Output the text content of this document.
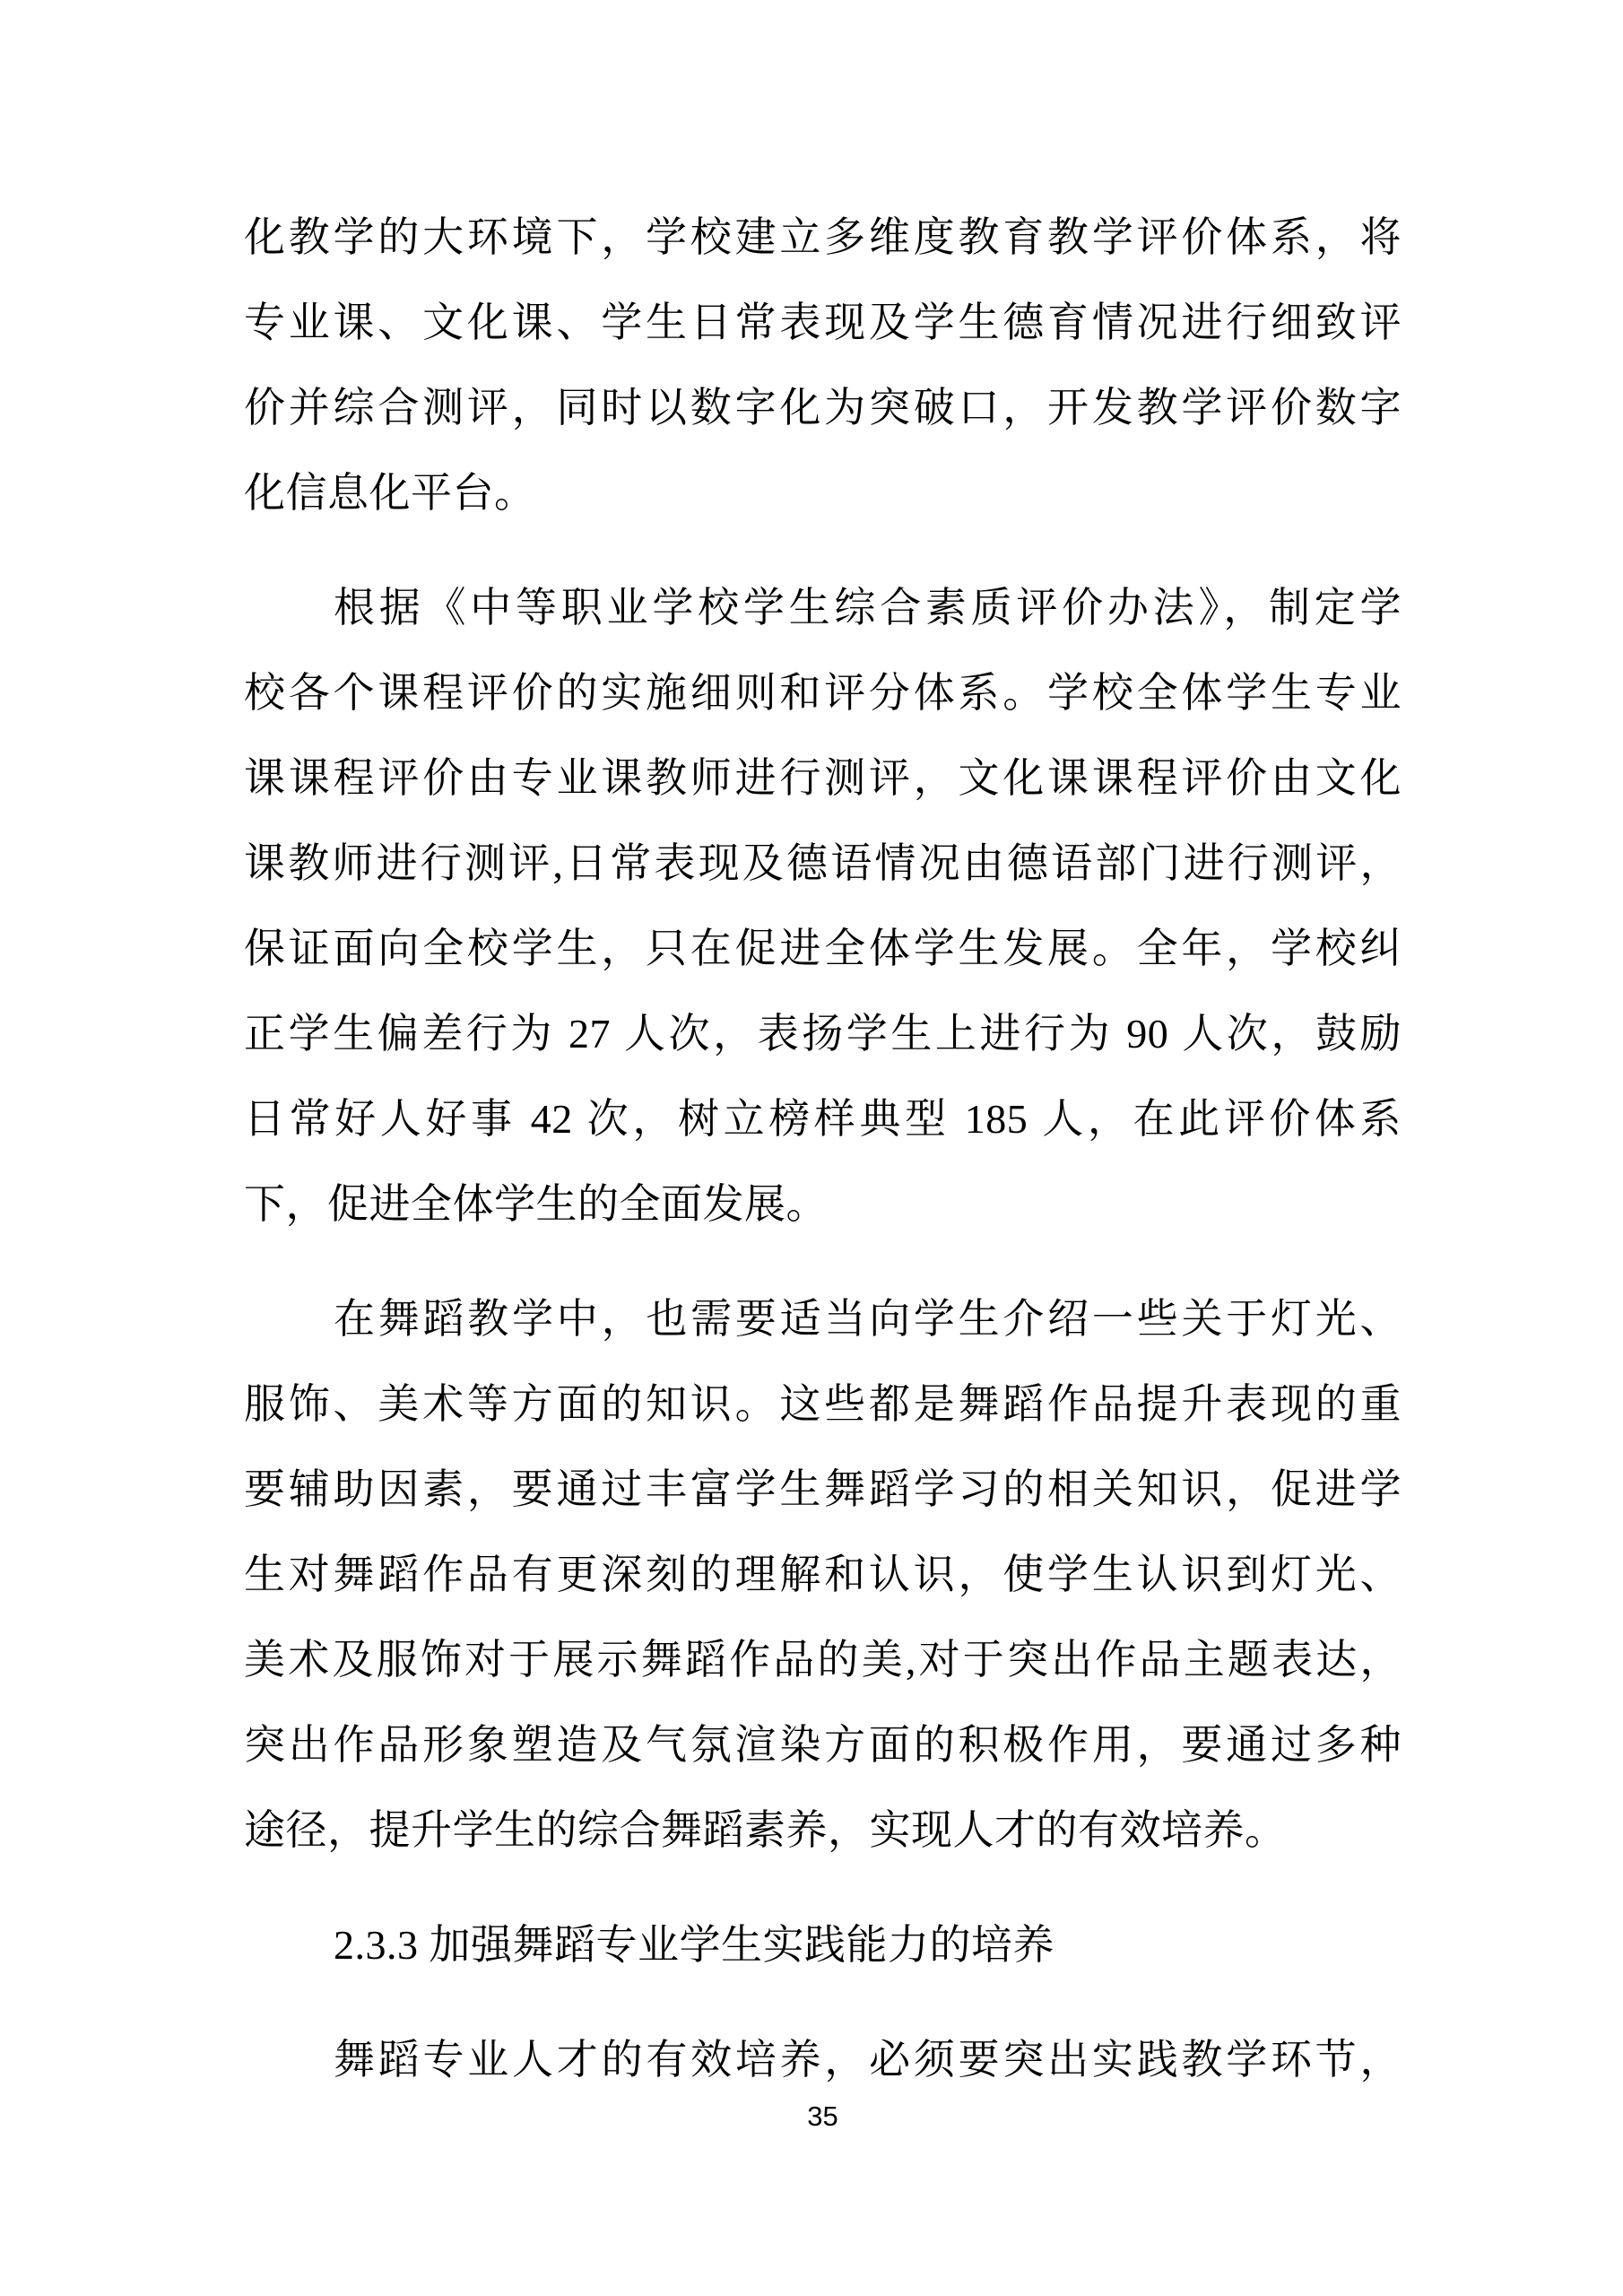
化教学的大环境下，学校建立多维度教育教学评价体系，将
专业课、文化课、学生日常表现及学生德育情况进行细致评
价并综合测评，同时以数字化为突破口，开发教学评价数字
化信息化平台。
根据《中等职业学校学生综合素质评价办法》，制定学
校各个课程评价的实施细则和评分体系。学校全体学生专业
课课程评价由专业课教师进行测评，文化课课程评价由文化
课教师进行测评,日常表现及德语情况由德语部门进行测评，
保证面向全校学生，只在促进全体学生发展。全年，学校纠
正学生偏差行为 27 人次，表扬学生上进行为 90 人次，鼓励
日常好人好事 42 次，树立榜样典型 185 人，在此评价体系
下，促进全体学生的全面发展。
在舞蹈教学中，也需要适当向学生介绍一些关于灯光、
服饰、美术等方面的知识。这些都是舞蹈作品提升表现的重
要辅助因素，要通过丰富学生舞蹈学习的相关知识，促进学
生对舞蹈作品有更深刻的理解和认识，使学生认识到灯光、
美术及服饰对于展示舞蹈作品的美,对于突出作品主题表达，
突出作品形象塑造及气氛渲染方面的积极作用，要通过多种
途径，提升学生的综合舞蹈素养，实现人才的有效培养。
2.3.3 加强舞蹈专业学生实践能力的培养
舞蹈专业人才的有效培养，必须要突出实践教学环节，
35
